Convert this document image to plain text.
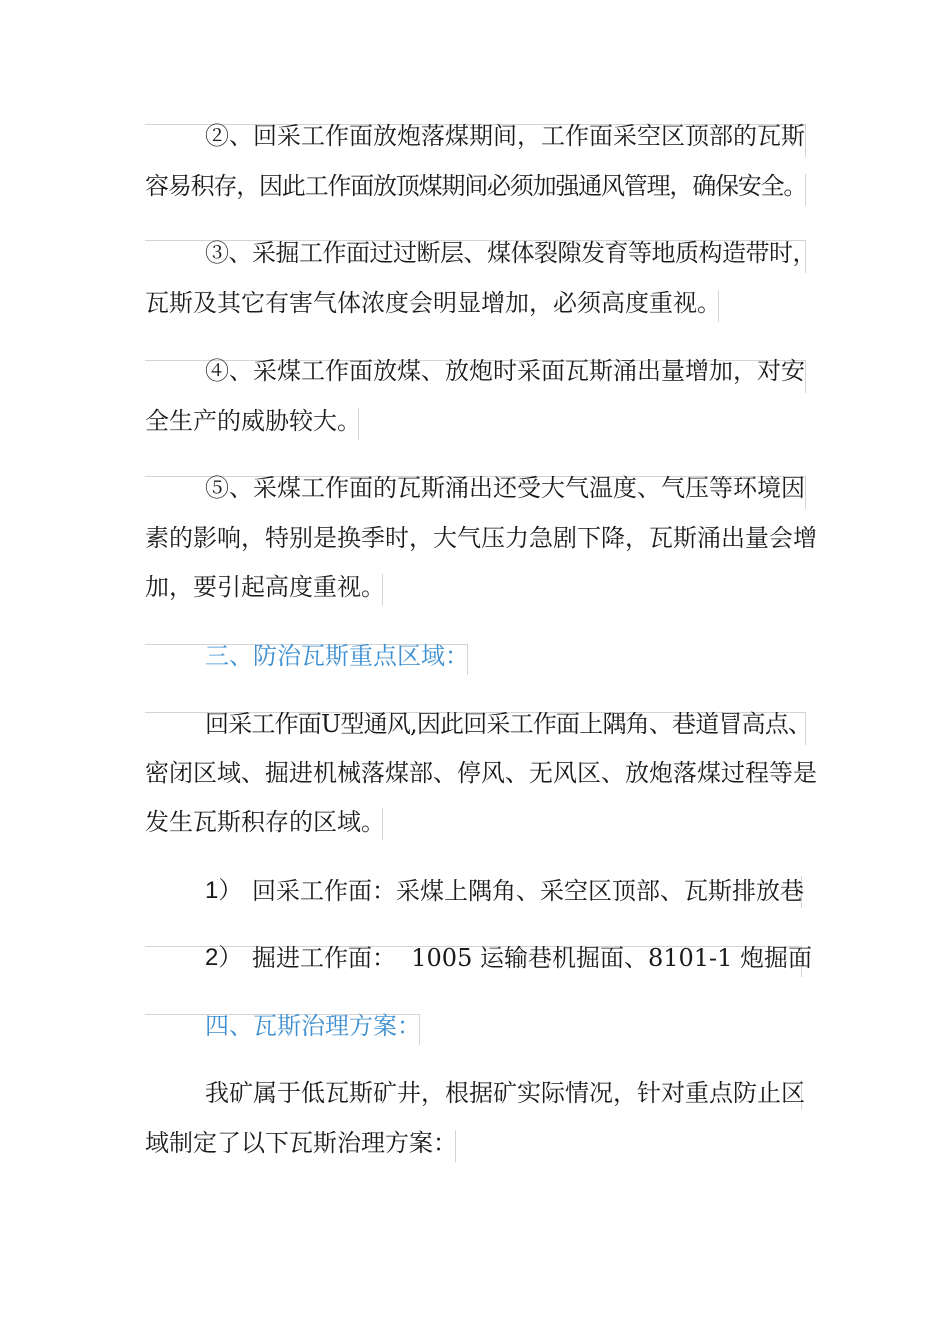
②、回采工作面放炮落煤期间，工作面采空区顶部的瓦斯
容易积存，因此工作面放顶煤期间必须加强通风管理，确保安全。
③、采掘工作面过过断层、煤体裂隙发育等地质构造带时，
瓦斯及其它有害气体浓度会明显增加，必须高度重视。
④、采煤工作面放煤、放炮时采面瓦斯涌出量增加，对安
全生产的威胁较大。
⑤、采煤工作面的瓦斯涌出还受大气温度、气压等环境因
素的影响，特别是换季时，大气压力急剧下降，瓦斯涌出量会增
加，要引起高度重视。
三、防治瓦斯重点区域：
回采工作面U型通风,因此回采工作面上隅角、巷道冒高点、
密闭区域、掘进机械落煤部、停风、无风区、放炮落煤过程等是
发生瓦斯积存的区域。
1） 回采工作面：采煤上隅角、采空区顶部、瓦斯排放巷
2） 掘进工作面：  1005 运输巷机掘面、8101-1 炮掘面
四、瓦斯治理方案：
我矿属于低瓦斯矿井，根据矿实际情况，针对重点防止区
域制定了以下瓦斯治理方案：
